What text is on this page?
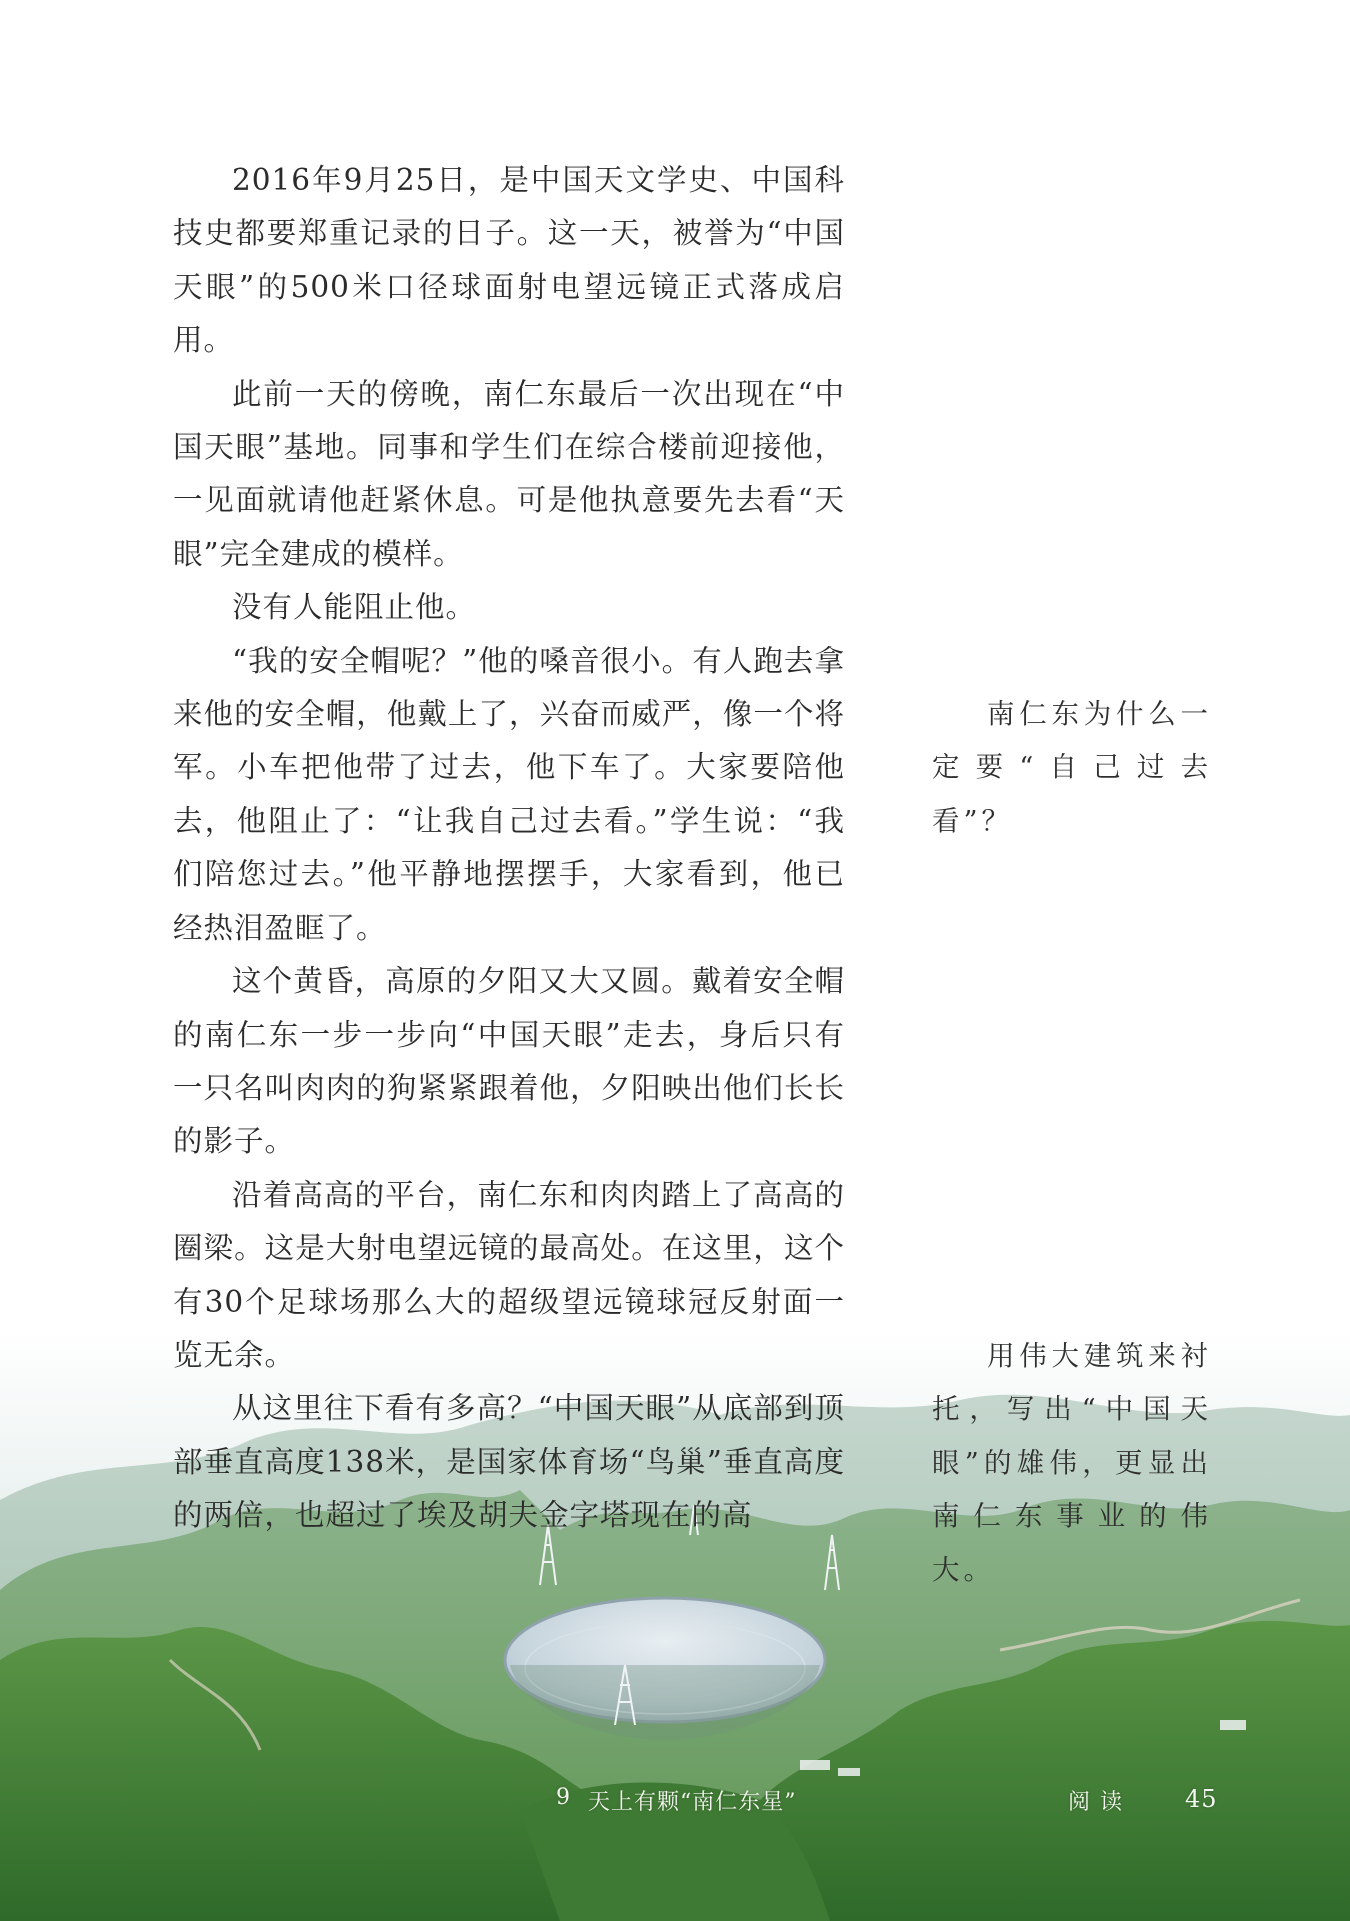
2016年9月25日，是中国天文学史、中国科技史都要郑重记录的日子。这一天，被誉为“中国天眼”的500米口径球面射电望远镜正式落成启用。

此前一天的傍晚，南仁东最后一次出现在“中国天眼”基地。同事和学生们在综合楼前迎接他，一见面就请他赶紧休息。可是他执意要先去看“天眼”完全建成的模样。

没有人能阻止他。

“我的安全帽呢？”他的嗓音很小。有人跑去拿来他的安全帽，他戴上了，兴奋而威严，像一个将军。小车把他带了过去，他下车了。大家要陪他去，他阻止了：“让我自己过去看。”学生说：“我们陪您过去。”他平静地摆摆手，大家看到，他已经热泪盈眶了。

这个黄昏，高原的夕阳又大又圆。戴着安全帽的南仁东一步一步向“中国天眼”走去，身后只有一只名叫肉肉的狗紧紧跟着他，夕阳映出他们长长的影子。

沿着高高的平台，南仁东和肉肉踏上了高高的圈梁。这是大射电望远镜的最高处。在这里，这个有30个足球场那么大的超级望远镜球冠反射面一览无余。

从这里往下看有多高？“中国天眼”从底部到顶部垂直高度138米，是国家体育场“鸟巢”垂直高度的两倍，也超过了埃及胡夫金字塔现在的高

南仁东为什么一定要“自己过去看”？
用伟大建筑来衬托，写出“中国天眼”的雄伟，更显出南仁东事业的伟大。
9 天上有颗“南仁东星”	阅读 45
